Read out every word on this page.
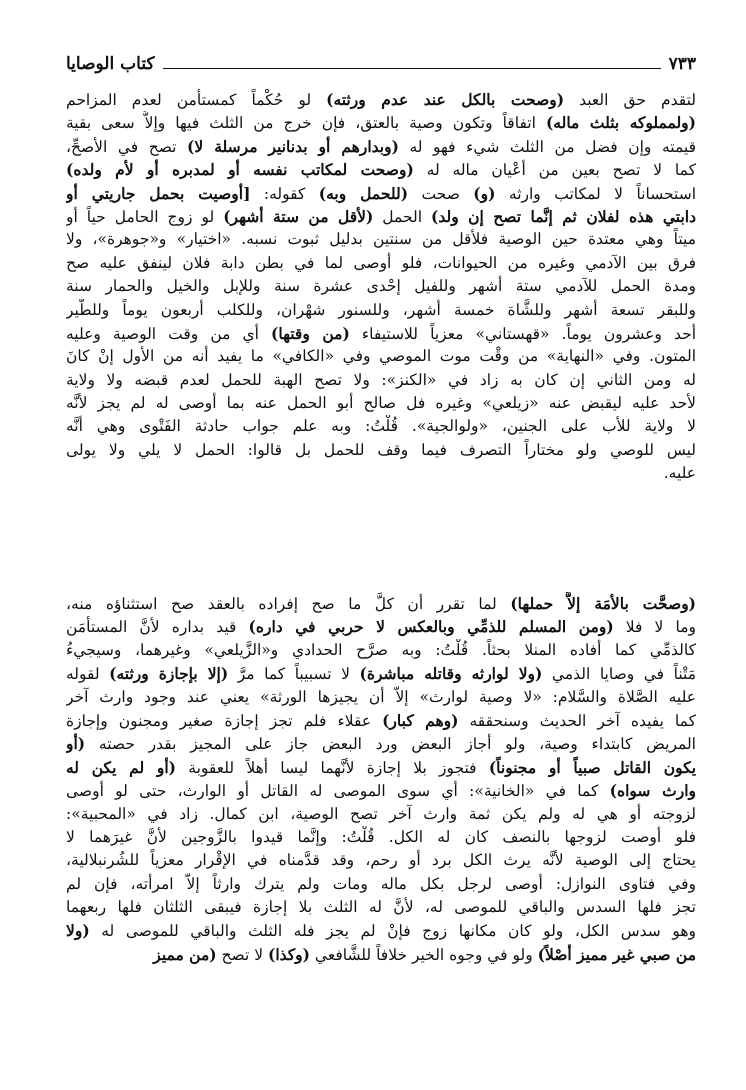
كتاب الوصايا	٧٣٣
لتقدم حق العبد (وصحت بالكل عند عدم ورثته) لو حُكْماً كمستأمن لعدم المزاحم
(ولمملوكه بثلث ماله) اتفاقاً وتكون وصية بالعتق، فإن خرج من الثلث فيها وإلاَّ سعى بقية
قيمته وإن فضل من الثلث شيء فهو له (وبدارهم أو بدنانير مرسلة لا) تصح في الأصحِّ،
كما لا تصح بعين من أعْيان ماله له (وصحت لمكاتب نفسه أو لمدبره أو لأم ولده)
استحساناً لا لمكاتب وارثه (و) صحت (للحمل وبه) كقوله: [أوصيت بحمل جاريتي أو
دابتي هذه لفلان ثم إنَّما تصح إن ولد) الحمل (لأقل من ستة أشهر) لو زوج الحامل حياً أو
ميتاً وهي معتدة حين الوصية فلأقل من سنتين بدليل ثبوت نسبه. «اختيار» و«جوهرة»، ولا
فرق بين الآدمي وغيره من الحيوانات، فلو أوصى لما في بطن دابة فلان لينفق عليه صح
ومدة الحمل للآدمي ستة أشهر وللفيل إحْدى عشرة سنة وللإبل والخيل والحمار سنة
وللبقر تسعة أشهر وللشَّاة خمسة أشهر، وللسنور شهْران، وللكلب أربعون يوماً وللطَّير
أحد وعشرون يوماً. «قهستاني» معزياً للاستيفاء (من وقتها) أي من وقت الوصية وعليه
المتون. وفي «النهاية» من وقْت موت الموصي وفي «الكافي» ما يفيد أنه من الأول إنْ كانَ
له ومن الثاني إن كان به زاد في «الكنز»: ولا تصح الهبة للحمل لعدم قبضه ولا ولاية
لأحد عليه ليقبض عنه «زيلعي» وغيره فل صالح أبو الحمل عنه بما أوصى له لم يجز لأنَّه
لا ولاية للأب على الجنين، «ولوالجية». قُلْتُ: وبه علم جواب حادثة الفَتْوى وهي أنَّه
ليس للوصي ولو مختاراً التصرف فيما وقف للحمل بل قالوا: الحمل لا يلي ولا يولى
عليه.
(وصحَّت بالأمَة إلاَّ حملها) لما تقرر أن كلَّ ما صح إفراده بالعقد صح استثناؤه منه،
وما لا فلا (ومن المسلم للذمِّي وبالعكس لا حربي في داره) قيد بداره لأنَّ المستأمَن
كالذمِّي كما أفاده المنلا بحثاً. قُلْتُ: وبه صرَّح الحدادي و«الزَّيلعي» وغيرهما، وسيجيءُ
مَتْناً في وصايا الذمي (ولا لوارثه وقاتله مباشرة) لا تسبيباً كما مرَّ (إلا بإجازة ورثته) لقوله
عليه الصَّلاة والسَّلام: «لا وصية لوارث» إلاَّ أن يجيزها الورثة» يعني عند وجود وارث آخر
كما يفيده آخر الحديث وسنحققه (وهم كبار) عقلاء فلم تجز إجازة صغير ومجنون وإجازة
المريض كابتداء وصية، ولو أجاز البعض ورد البعض جاز على المجيز بقدر حصته (أو
يكون القاتل صبياً أو مجنوناً) فتجوز بلا إجازة لأنَّهما ليسا أهلاً للعقوبة (أو لم يكن له
وارث سواه) كما في «الخانية»: أي سوى الموصى له القاتل أو الوارث، حتى لو أوصى
لزوجته أو هي له ولم يكن ثمة وارث آخر تصح الوصية، ابن كمال. زاد في «المحبية»:
فلو أوصت لزوجها بالنصف كان له الكل. قُلْتُ: وإنَّما قيدوا بالزَّوجين لأنَّ غيرَهما لا
يحتاج إلى الوصية لأنَّه يرث الكل برد أو رحم، وقد قدَّمناه في الإقْرار معزياً للشُرنبلالية،
وفي فتاوى النوازل: أوصى لرجل بكل ماله ومات ولم يترك وارثاً إلاَّ امرأته، فإن لم
تجز فلها السدس والباقي للموصى له، لأنَّ له الثلث بلا إجازة فيبقى الثلثان فلها ربعهما
وهو سدس الكل، ولو كان مكانها زوج فإنْ لم يجز فله الثلث والباقي للموصى له (ولا
من صبي غير مميز أصْلاً) ولو في وجوه الخير خلافاً للشَّافعي (وكذا) لا تصح (من مميز
